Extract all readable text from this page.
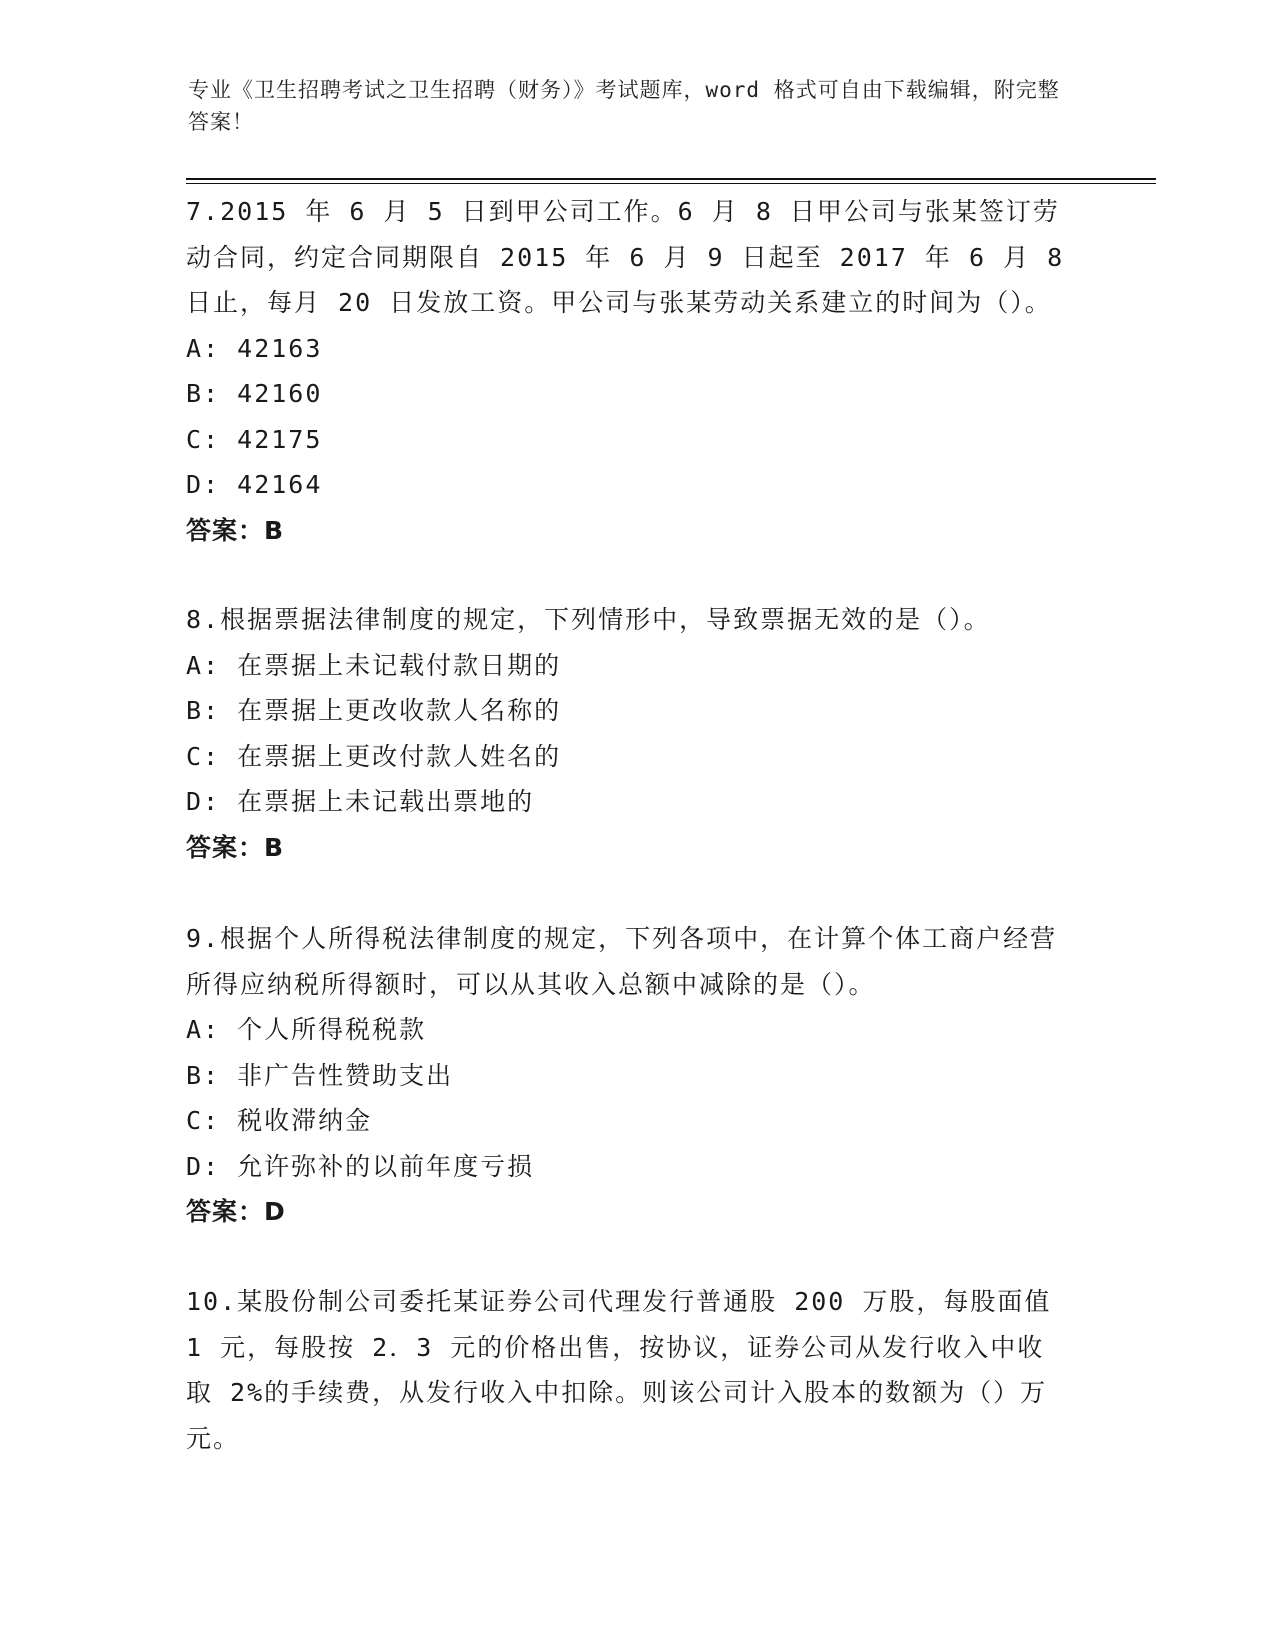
专业《卫生招聘考试之卫生招聘（财务）》考试题库，word 格式可自由下载编辑，附完整答案！

7.2015 年 6 月 5 日到甲公司工作。6 月 8 日甲公司与张某签订劳动合同，约定合同期限自 2015 年 6 月 9 日起至 2017 年 6 月 8 日止，每月 20 日发放工资。甲公司与张某劳动关系建立的时间为（）。

A: 42163

B: 42160

C: 42175

D: 42164

答案：B

8.根据票据法律制度的规定，下列情形中，导致票据无效的是（）。

A: 在票据上未记载付款日期的

B: 在票据上更改收款人名称的

C: 在票据上更改付款人姓名的

D: 在票据上未记载出票地的

答案：B

9.根据个人所得税法律制度的规定，下列各项中，在计算个体工商户经营所得应纳税所得额时，可以从其收入总额中减除的是（）。

A: 个人所得税税款

B: 非广告性赞助支出

C: 税收滞纳金

D: 允许弥补的以前年度亏损

答案：D

10.某股份制公司委托某证券公司代理发行普通股 200 万股，每股面值 1 元，每股按 2．3 元的价格出售，按协议，证券公司从发行收入中收取 2%的手续费，从发行收入中扣除。则该公司计入股本的数额为（）万元。
